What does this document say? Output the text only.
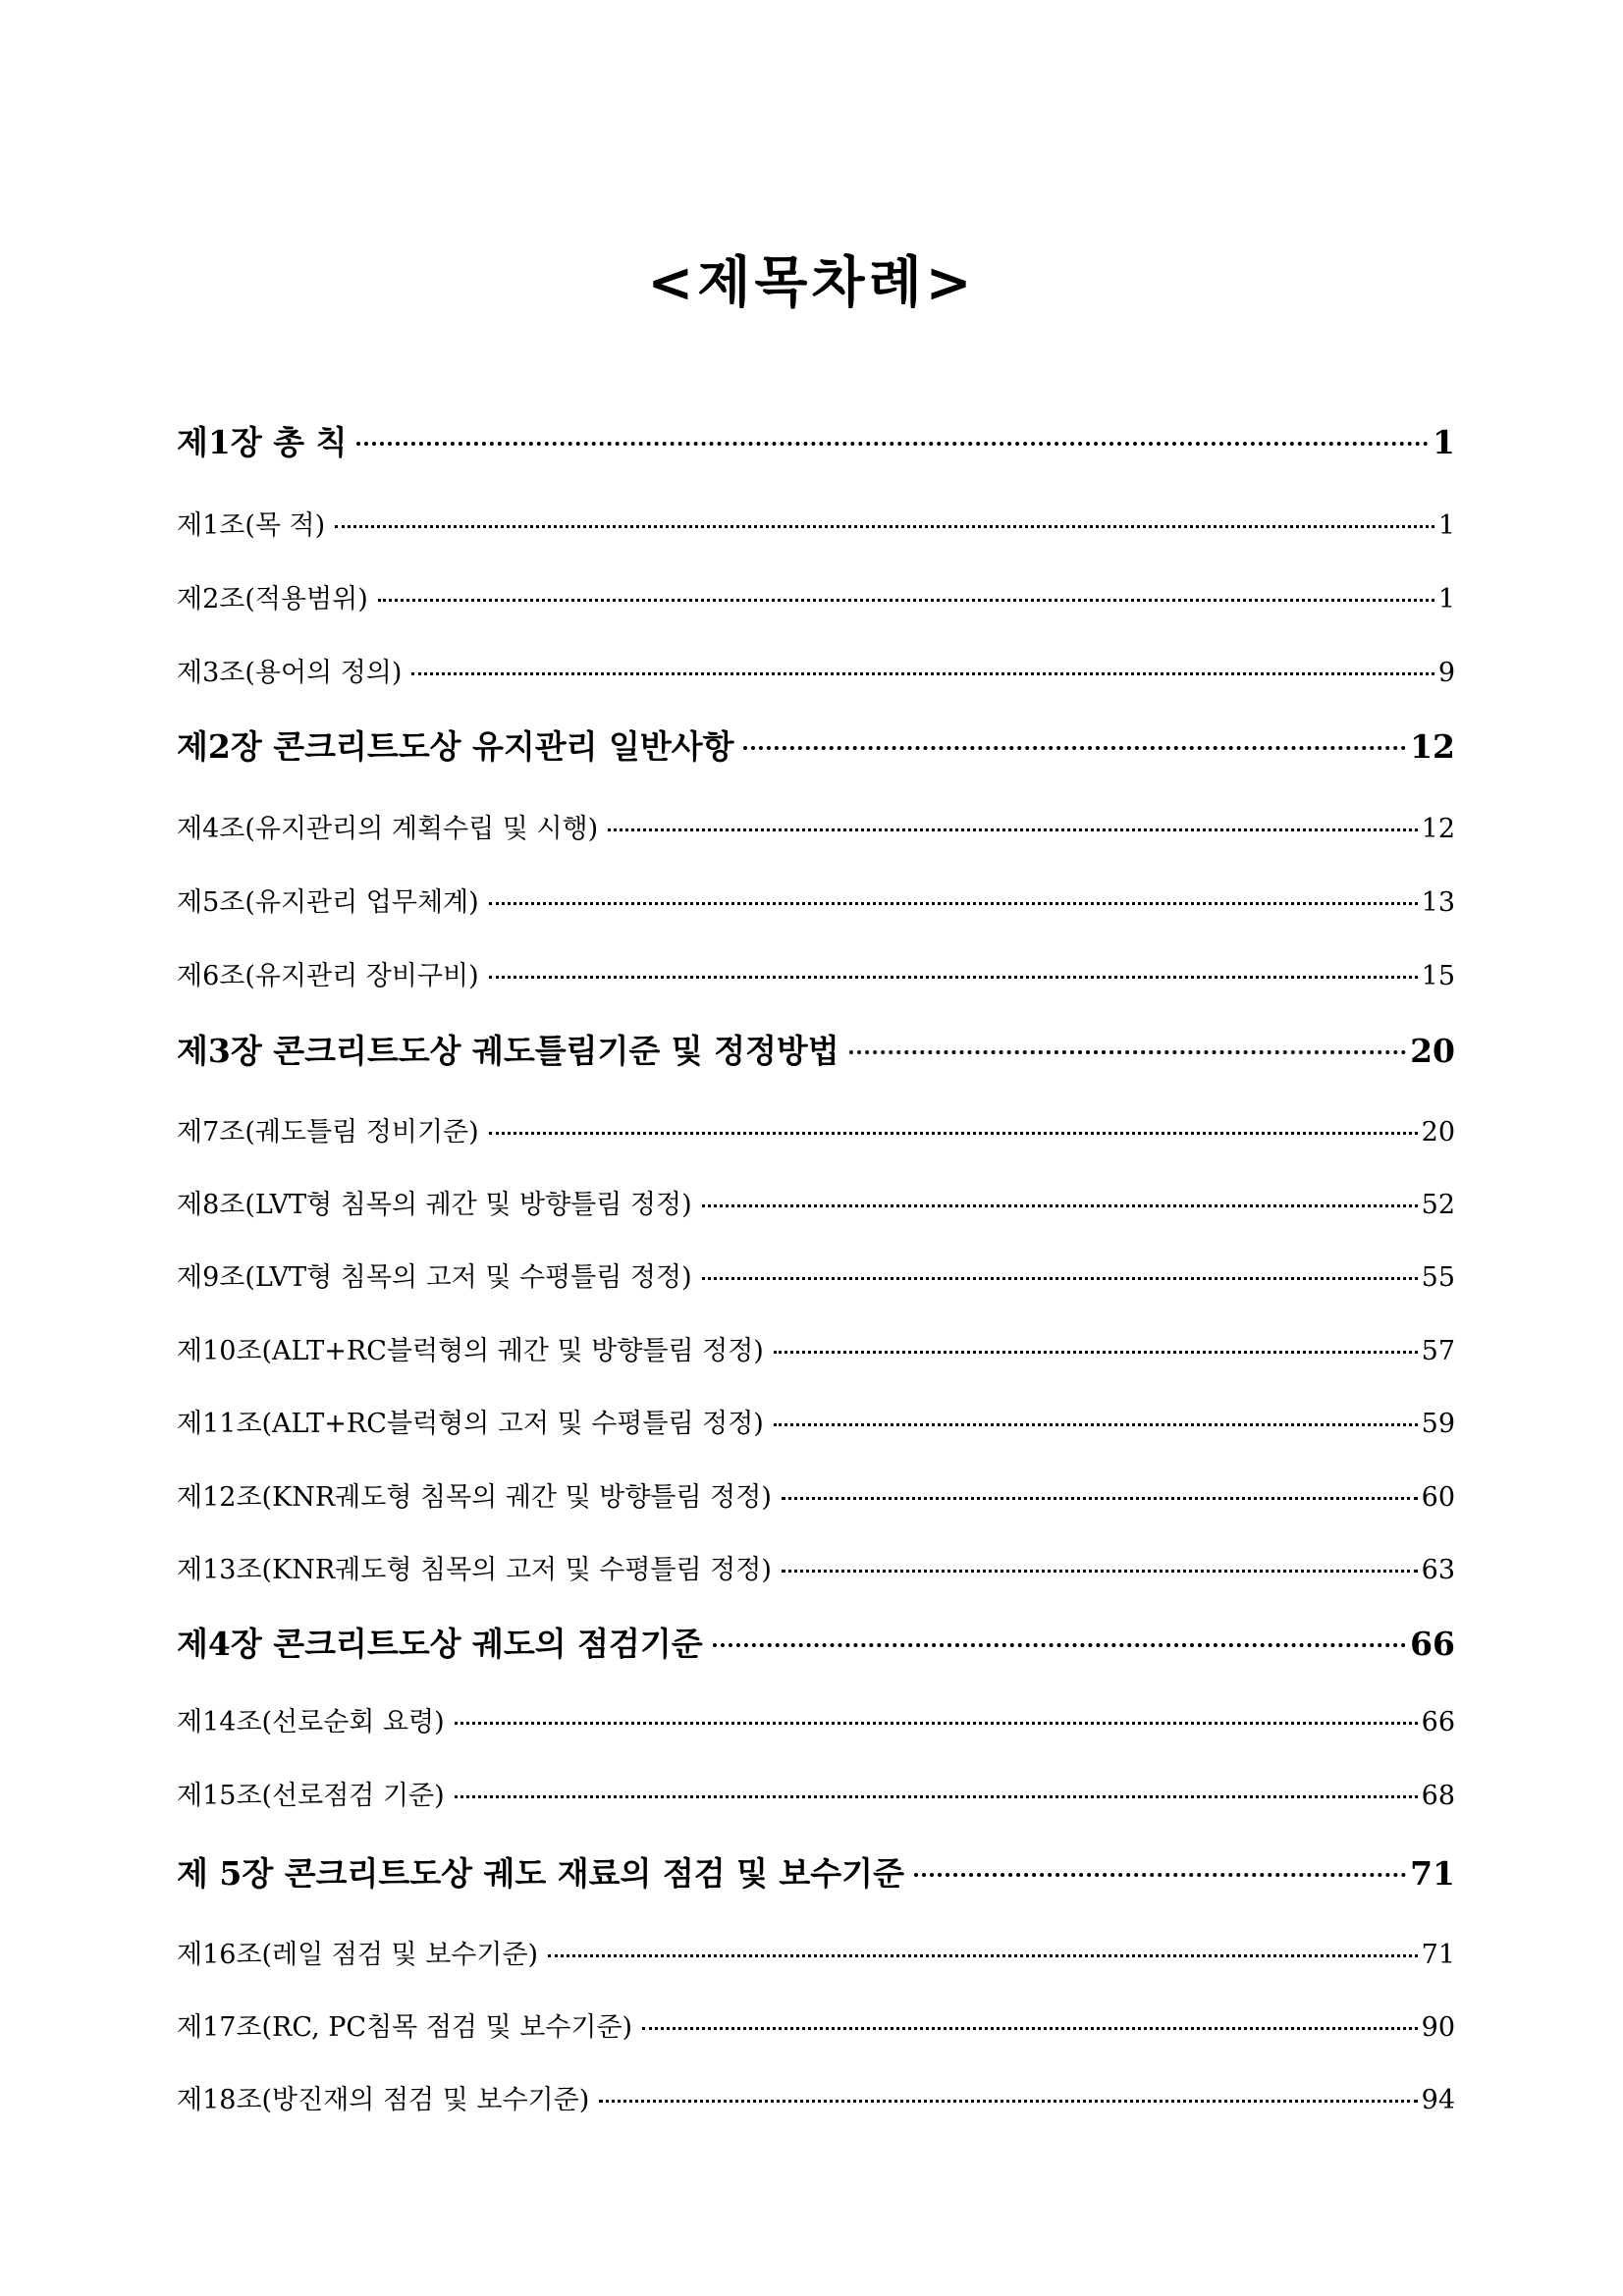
<제목차례>
제1장 총 칙	1
제1조(목 적)	1
제2조(적용범위)	1
제3조(용어의 정의)	9
제2장 콘크리트도상 유지관리 일반사항	12
제4조(유지관리의 계획수립 및 시행)	12
제5조(유지관리 업무체계)	13
제6조(유지관리 장비구비)	15
제3장 콘크리트도상 궤도틀림기준 및 정정방법	20
제7조(궤도틀림 정비기준)	20
제8조(LVT형 침목의 궤간 및 방향틀림 정정)	52
제9조(LVT형 침목의 고저 및 수평틀림 정정)	55
제10조(ALT+RC블럭형의 궤간 및 방향틀림 정정)	57
제11조(ALT+RC블럭형의 고저 및 수평틀림 정정)	59
제12조(KNR궤도형 침목의 궤간 및 방향틀림 정정)	60
제13조(KNR궤도형 침목의 고저 및 수평틀림 정정)	63
제4장 콘크리트도상 궤도의 점검기준	66
제14조(선로순회 요령)	66
제15조(선로점검 기준)	68
제 5장 콘크리트도상 궤도 재료의 점검 및 보수기준	71
제16조(레일 점검 및 보수기준)	71
제17조(RC, PC침목 점검 및 보수기준)	90
제18조(방진재의 점검 및 보수기준)	94
